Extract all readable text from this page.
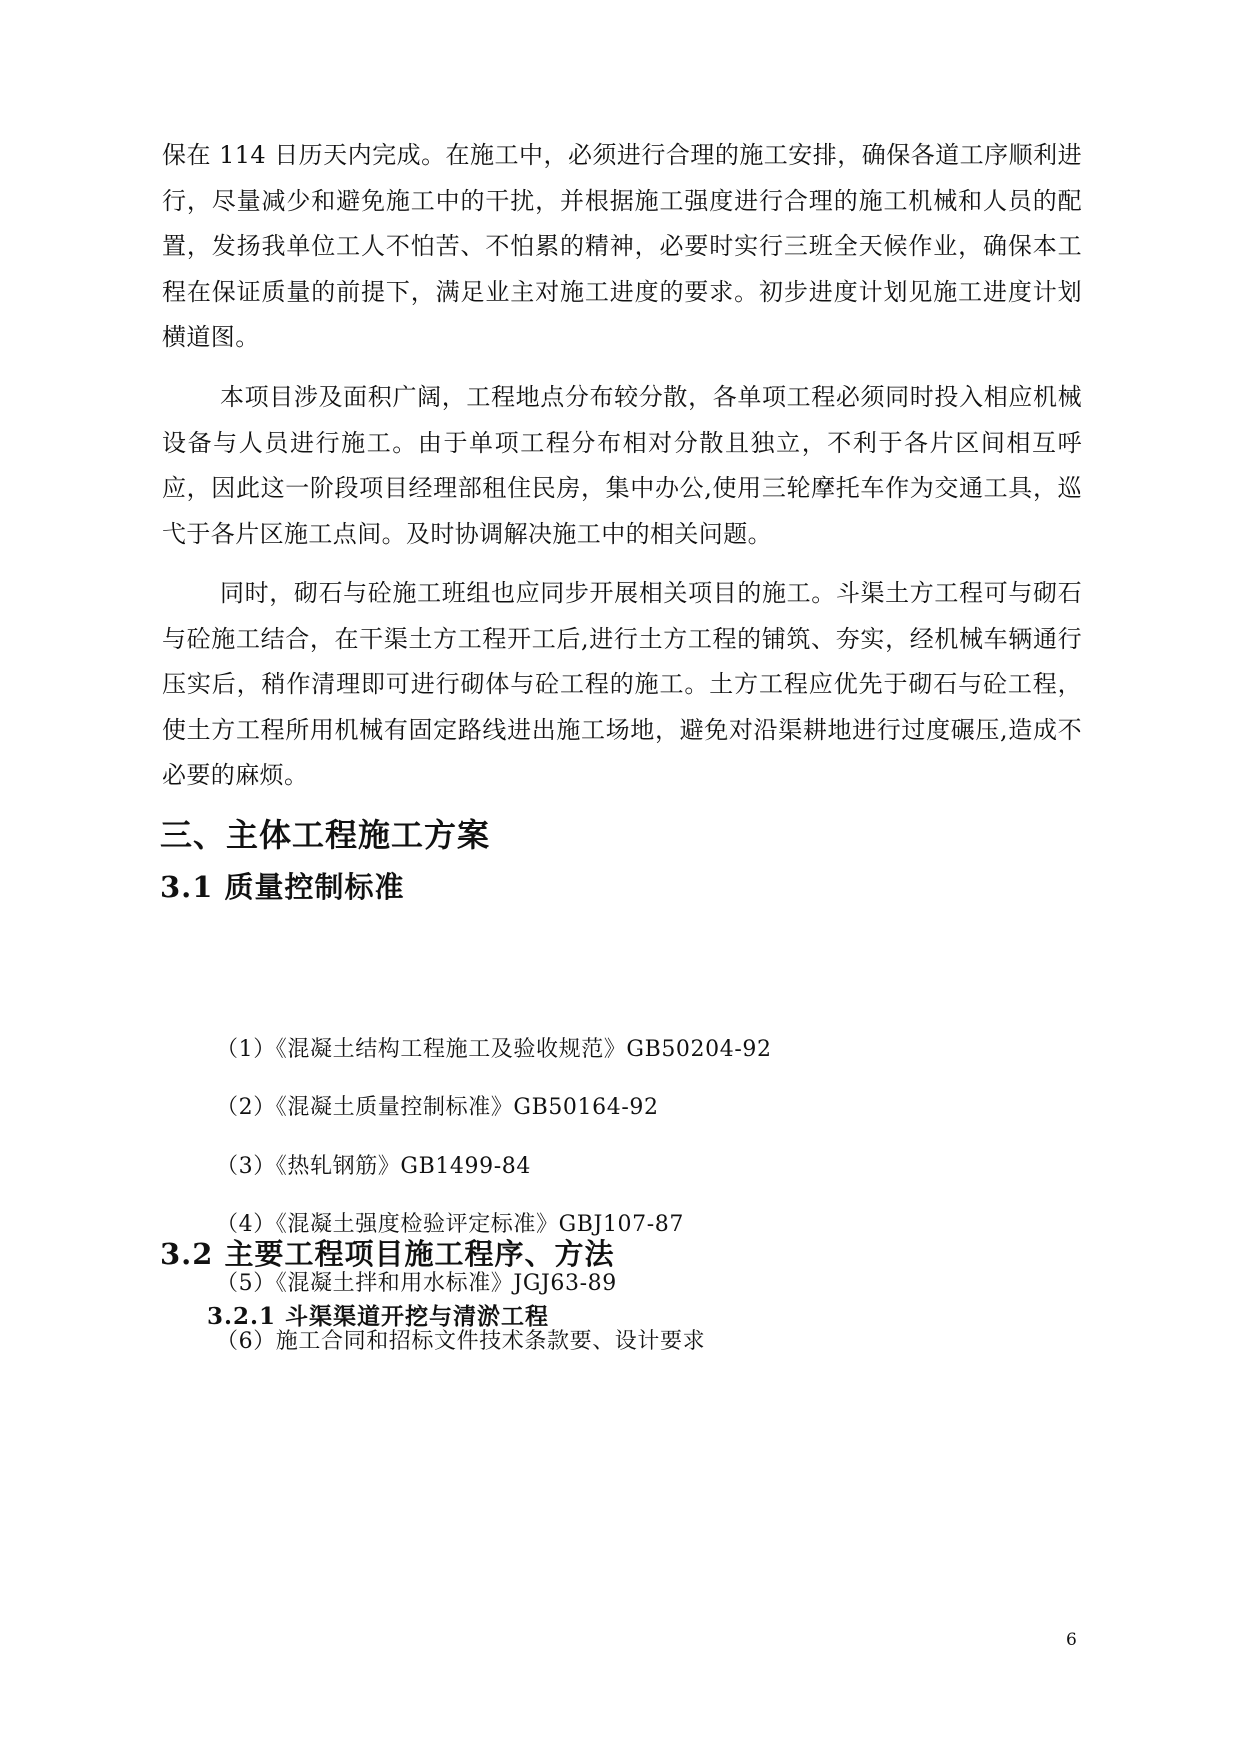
保在 114 日历天内完成。在施工中，必须进行合理的施工安排，确保各道工序顺利进行，尽量减少和避免施工中的干扰，并根据施工强度进行合理的施工机械和人员的配置，发扬我单位工人不怕苦、不怕累的精神，必要时实行三班全天候作业，确保本工程在保证质量的前提下，满足业主对施工进度的要求。初步进度计划见施工进度计划横道图。

本项目涉及面积广阔，工程地点分布较分散，各单项工程必须同时投入相应机械设备与人员进行施工。由于单项工程分布相对分散且独立，不利于各片区间相互呼应，因此这一阶段项目经理部租住民房，集中办公,使用三轮摩托车作为交通工具，巡弋于各片区施工点间。及时协调解决施工中的相关问题。

同时，砌石与砼施工班组也应同步开展相关项目的施工。斗渠土方工程可与砌石与砼施工结合，在干渠土方工程开工后,进行土方工程的铺筑、夯实，经机械车辆通行压实后，稍作清理即可进行砌体与砼工程的施工。土方工程应优先于砌石与砼工程，使土方工程所用机械有固定路线进出施工场地，避免对沿渠耕地进行过度碾压,造成不必要的麻烦。

三、主体工程施工方案
3.1 质量控制标准
（1）《混凝土结构工程施工及验收规范》GB50204-92
（2）《混凝土质量控制标准》GB50164-92
（3）《热轧钢筋》GB1499-84
（4）《混凝土强度检验评定标准》GBJ107-87
（5）《混凝土拌和用水标准》JGJ63-89
（6）施工合同和招标文件技术条款要、设计要求
3.2 主要工程项目施工程序、方法
3.2.1 斗渠渠道开挖与清淤工程
6
